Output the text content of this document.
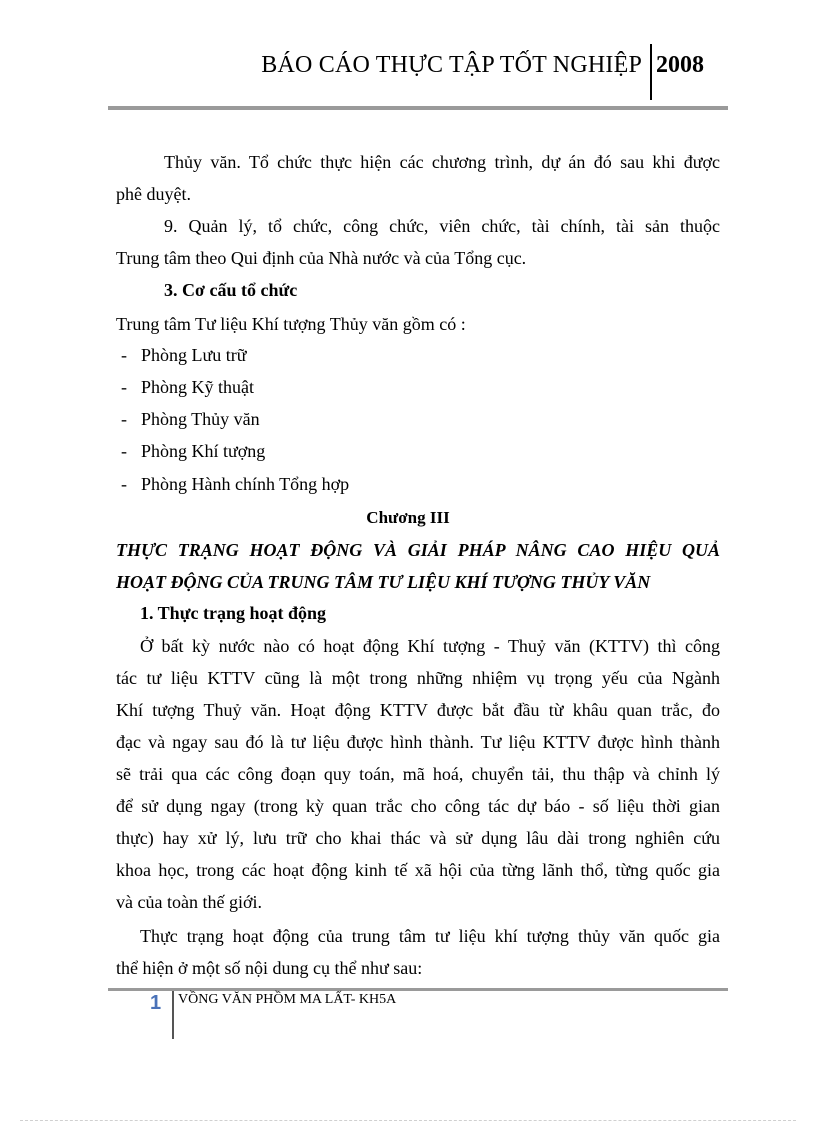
BÁO CÁO THỰC TẬP TỐT NGHIỆP 2008
Thủy văn. Tổ chức thực hiện các chương trình, dự án đó sau khi được
phê duyệt.
9. Quản lý, tổ chức, công chức, viên chức, tài chính, tài sản thuộc
Trung tâm theo Qui định của Nhà nước và của Tổng cục.
3. Cơ cấu tổ chức
Trung tâm Tư liệu Khí tượng Thủy văn gồm có :
- Phòng Lưu trữ
- Phòng Kỹ thuật
- Phòng Thủy văn
- Phòng Khí tượng
- Phòng Hành chính Tổng hợp
Chương III
THỰC TRẠNG HOẠT ĐỘNG VÀ GIẢI PHÁP NÂNG CAO HIỆU QUẢ
HOẠT ĐỘNG CỦA TRUNG TÂM TƯ LIỆU KHÍ TƯỢNG THỦY VĂN
1. Thực trạng hoạt động
Ở bất kỳ nước nào có hoạt động Khí tượng - Thuỷ văn (KTTV) thì công
tác tư liệu KTTV cũng là một trong những nhiệm vụ trọng yếu của Ngành
Khí tượng Thuỷ văn. Hoạt động KTTV được bắt đầu từ khâu quan trắc, đo
đạc và ngay sau đó là tư liệu được hình thành. Tư liệu KTTV được hình thành
sẽ trải qua các công đoạn quy toán, mã hoá, chuyển tải, thu thập và chỉnh lý
để sử dụng ngay (trong kỳ quan trắc cho công tác dự báo - số liệu thời gian
thực) hay xử lý, lưu trữ cho khai thác và sử dụng lâu dài trong nghiên cứu
khoa học, trong các hoạt động kinh tế xã hội của từng lãnh thổ, từng quốc gia
và của toàn thế giới.
Thực trạng hoạt động của trung tâm tư liệu khí tượng thủy văn quốc gia
thể hiện ở một số nội dung cụ thể như sau:
1 VỒNG VĂN PHỒM MA LẤT- KH5A
